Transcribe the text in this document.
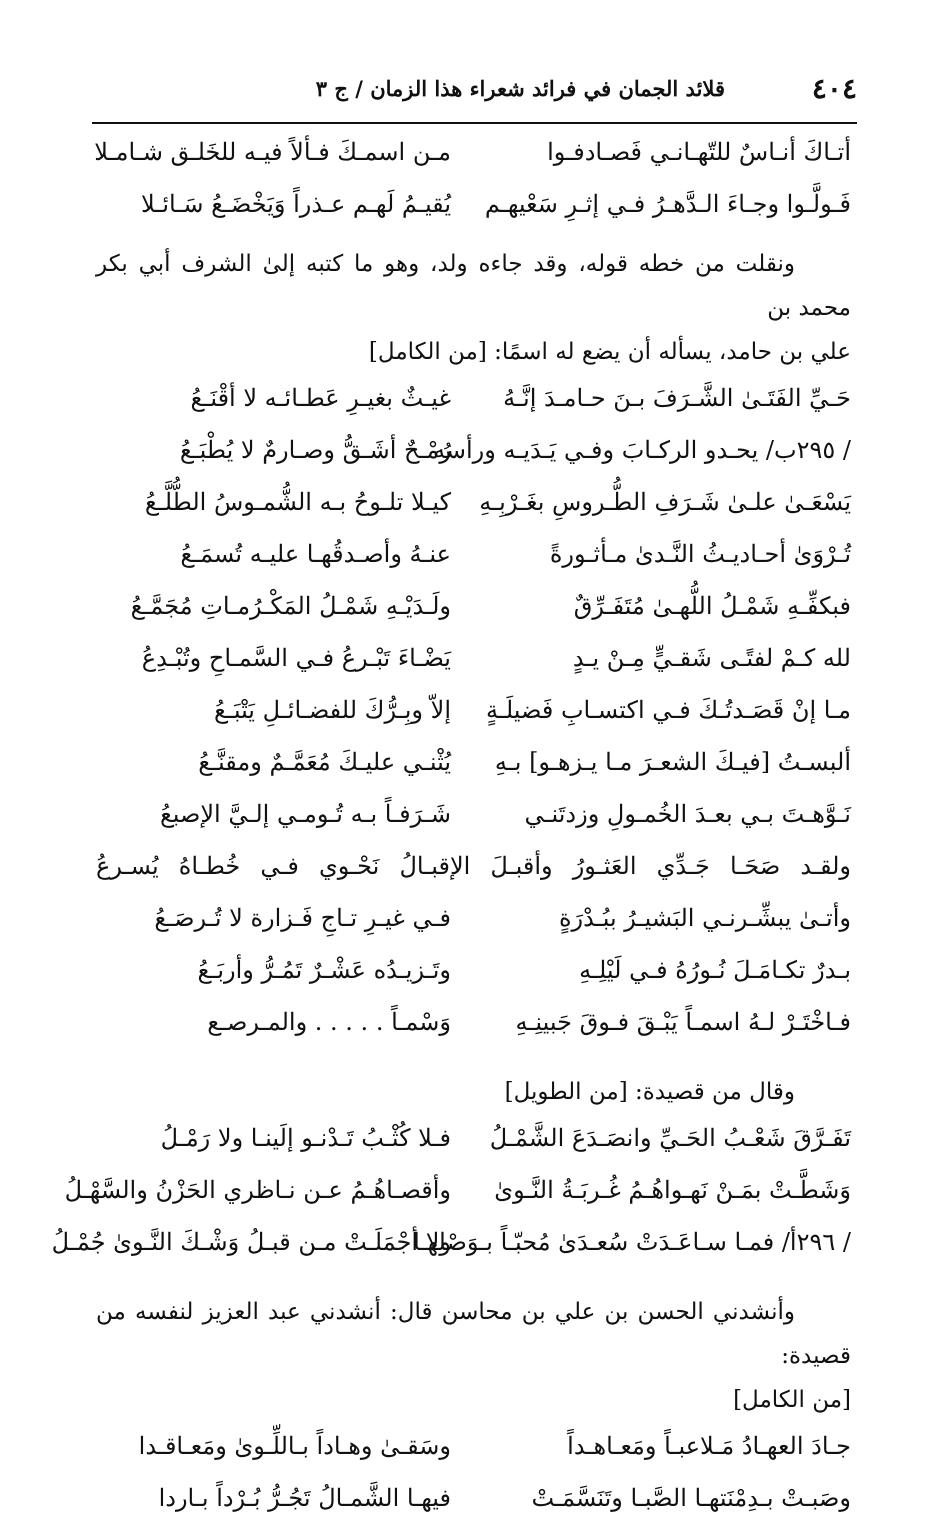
٤٠٤
قلائد الجمان في فرائد شعراء هذا الزمان / ج ٣
أتـاكَ أنـاسٌ للتّهـانـي فَصـادفـوا
مـن اسمـكَ فـألاً فيـه للخَلـق شـامـلا
فَـولَّـوا وجـاءَ الـدَّهـرُ فـي إثـرِ سَعْيهـم
يُقيـمُ لَهـم عـذراً وَيَخْضَـعُ سَـائـلا

ونقلت من خطه قوله، وقد جاءه ولد، وهو ما كتبه إلىٰ الشرف أبي بكر محمد بن
علي بن حامد، يسأله أن يضع له اسمًا: [من الكامل]

حَـيِّ الفَتَـىٰ الشَّـرَفَ بـنَ حـامـدَ إنَّـهُ
غيـثٌ بغيـرِ عَطـائـه لا أقْنَـعُ
/ ٢٩٥ب/ يحـدو الركـابَ وفـي يَـدَيـه ورأسه
رُمْـحٌ أشَـقُّ وصـارمٌ لا يُطْبَـعُ
يَسْعَـىٰ علـىٰ شَـرَفِ الطُّـروسِ بغَـرْبِـهِ
كيـلا تلـوحُ بـه الشُّمـوسُ الطُّلَّـعُ
تُـرْوَىٰ أحـاديـثُ النَّـدىٰ مـأثـورةً
عنـهُ وأصـدقُهـا عليـه تُسمَـعُ
فبكفِّـهِ شَمْـلُ اللُّهـىٰ مُتَفَـرِّقٌ
ولَـدَيْـهِ شَمْـلُ المَكْـرُمـاتِ مُجَمَّـعُ
لله كـمْ لفتًـى شَقـيٍّ مِـنْ يـدٍ
يَضْـاءَ تَبْـرعُ فـي السَّمـاحِ وتُبْـدِعُ
مـا إنْ قَصَـدتُـكَ فـي اكتسـابِ فَضيلَـةٍ
إلاّ وبِـرُّكَ للفضـائـلِ يَتْبَـعُ
ألبسـتُ [فيـكَ الشعـرَ مـا يـزهـو] بـهِ
يُثْنـي عليـكَ مُعَمَّـمٌ ومقنَّـعُ
نَـوَّهـتَ بـي بعـدَ الخُمـولِ وزدتَنـي
شَـرَفـاً بـه تُـومـي إلـيَّ الإصبعُ
ولقـد صَحَـا جَـدِّي العَثـورُ وأقبـلَ الإقبـالُ نَحْـوي فـي خُطـاهُ يُسـرعُ
وأتـىٰ يبشِّـرنـي البَشيـرُ ببُـدْرَةٍ
فـي غيـرِ تـاجِ فَـزارة لا تُـرصَـعُ
بـدرٌ تكـامَـلَ نُـورُهُ فـي لَيْلِـهِ
وتَـزيـدُه عَشْـرٌ تَمُـرُّ وأربَـعُ
فـاخْتَـرْ لـهُ اسمـاً يَبْـقَ فـوقَ جَبينِـهِ
وَسْمـاً . . . . . والمـرصـع

وقال من قصيدة: [من الطويل]

تَفَـرَّقَ شَعْـبُ الحَـيِّ وانصَـدَعَ الشَّمْـلُ
فـلا كُثْـبُ تَـدْنـو إلَينـا ولا رَمْـلُ
وَشَطَّـتْ بمَـنْ نَهـواهُـمُ غُـربَـةُ النَّـوىٰ
وأقصـاهُـمُ عـن نـاظري الحَزْنُ والسَّهْـلُ
/ ٢٩٦أ/ فمـا سـاعَـدَتْ سُعـدَىٰ مُحبّـاً بـوَصْلهـا
ولا أجْمَلَـتْ مـن قبـلُ وَشْـكَ النَّـوىٰ جُمْـلُ

وأنشدني الحسن بن علي بن محاسن قال: أنشدني عبد العزيز لنفسه من قصيدة:
[من الكامل]

جـادَ العهـادُ مَـلاعبـاً ومَعـاهـداً
وسَقـىٰ وهـاداً بـاللِّـوىٰ ومَعـاقـدا
وصَبـتْ بـدِمْنَتهـا الصَّبـا وتَنَسَّمَـتْ
فيهـا الشَّمـالُ تَجُـرُّ بُـرْداً بـاردا
